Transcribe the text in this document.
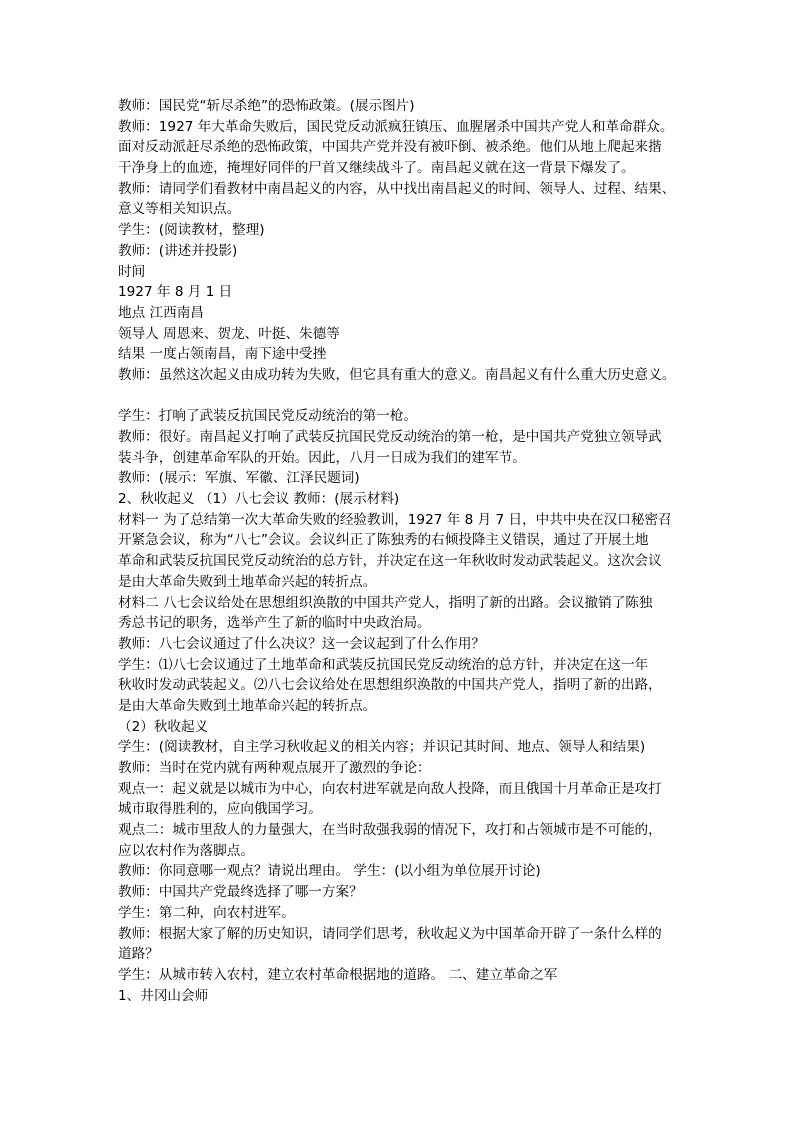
教师：国民党“斩尽杀绝”的恐怖政策。(展示图片)
教师：1927 年大革命失败后，国民党反动派疯狂镇压、血腥屠杀中国共产党人和革命群众。
面对反动派赶尽杀绝的恐怖政策，中国共产党并没有被吓倒、被杀绝。他们从地上爬起来揩
干净身上的血迹，掩埋好同伴的尸首又继续战斗了。南昌起义就在这一背景下爆发了。
教师：请同学们看教材中南昌起义的内容，从中找出南昌起义的时间、领导人、过程、结果、
意义等相关知识点。
学生：(阅读教材，整理)
教师：(讲述并投影)
时间
1927 年 8 月 1 日
地点 江西南昌
领导人 周恩来、贺龙、叶挺、朱德等
结果 一度占领南昌，南下途中受挫
教师：虽然这次起义由成功转为失败，但它具有重大的意义。南昌起义有什么重大历史意义。
学生：打响了武装反抗国民党反动统治的第一枪。
教师：很好。南昌起义打响了武装反抗国民党反动统治的第一枪，是中国共产党独立领导武
装斗争，创建革命军队的开始。因此，八月一日成为我们的建军节。
教师：(展示：军旗、军徽、江泽民题词)
2、秋收起义 （1）八七会议 教师：(展示材料)
材料一 为了总结第一次大革命失败的经验教训，1927 年 8 月 7 日，中共中央在汉口秘密召
开紧急会议，称为“八七”会议。会议纠正了陈独秀的右倾投降主义错误，通过了开展土地
革命和武装反抗国民党反动统治的总方针，并决定在这一年秋收时发动武装起义。这次会议
是由大革命失败到土地革命兴起的转折点。
材料二 八七会议给处在思想组织涣散的中国共产党人，指明了新的出路。会议撤销了陈独
秀总书记的职务，选举产生了新的临时中央政治局。
教师：八七会议通过了什么决议？这一会议起到了什么作用？
学生：⑴八七会议通过了土地革命和武装反抗国民党反动统治的总方针，并决定在这一年
秋收时发动武装起义。⑵八七会议给处在思想组织涣散的中国共产党人，指明了新的出路，
是由大革命失败到土地革命兴起的转折点。
（2）秋收起义
学生：(阅读教材，自主学习秋收起义的相关内容；并识记其时间、地点、领导人和结果)
教师：当时在党内就有两种观点展开了激烈的争论：
观点一：起义就是以城市为中心，向农村进军就是向敌人投降，而且俄国十月革命正是攻打
城市取得胜利的，应向俄国学习。
观点二：城市里敌人的力量强大，在当时敌强我弱的情况下，攻打和占领城市是不可能的，
应以农村作为落脚点。
教师：你同意哪一观点？请说出理由。 学生：(以小组为单位展开讨论)
教师：中国共产党最终选择了哪一方案？
学生：第二种，向农村进军。
教师：根据大家了解的历史知识，请同学们思考，秋收起义为中国革命开辟了一条什么样的
道路？
学生：从城市转入农村，建立农村革命根据地的道路。 二、建立革命之军
1、井冈山会师
